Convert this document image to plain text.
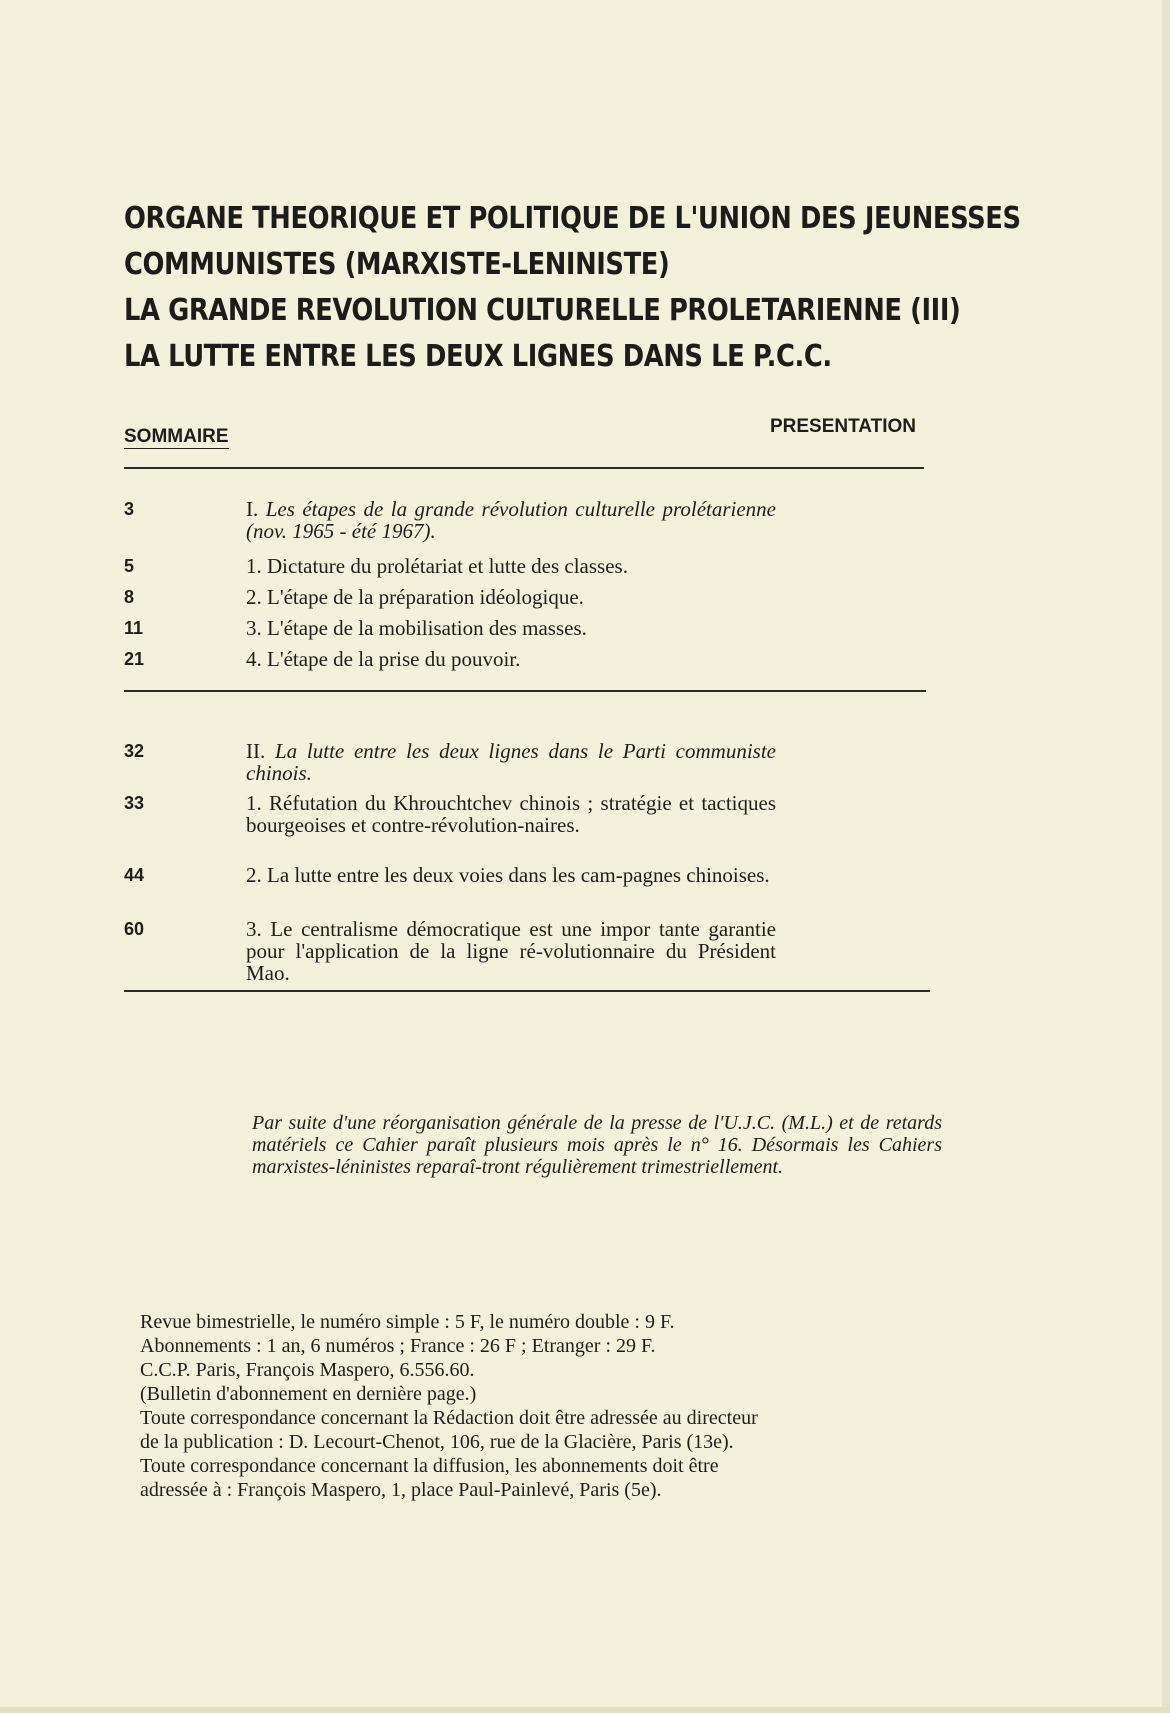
ORGANE THEORIQUE ET POLITIQUE DE L'UNION DES JEUNESSES
COMMUNISTES (MARXISTE-LENINISTE)
LA GRANDE REVOLUTION CULTURELLE PROLETARIENNE (III)
LA LUTTE ENTRE LES DEUX LIGNES DANS LE P.C.C.
SOMMAIRE	PRESENTATION
3	I. Les étapes de la grande révolution culturelle prolétarienne (nov. 1965 - été 1967).
5	1. Dictature du prolétariat et lutte des classes.
8	2. L'étape de la préparation idéologique.
11	3. L'étape de la mobilisation des masses.
21	4. L'étape de la prise du pouvoir.
32	II. La lutte entre les deux lignes dans le Parti communiste chinois.
33	1. Réfutation du Khrouchtchev chinois ; stratégie et tactiques bourgeoises et contre-révolution-naires.
44	2. La lutte entre les deux voies dans les cam-pagnes chinoises.
60	3. Le centralisme démocratique est une impor tante garantie pour l'application de la ligne ré-volutionnaire du Président Mao.
Par suite d'une réorganisation générale de la presse de l'U.J.C. (M.L.) et de retards matériels ce Cahier paraît plusieurs mois après le n° 16. Désormais les Cahiers marxistes-léninistes reparaî-tront régulièrement trimestriellement.
Revue bimestrielle, le numéro simple : 5 F, le numéro double : 9 F.
Abonnements : 1 an, 6 numéros ; France : 26 F ; Etranger : 29 F.
C.C.P. Paris, François Maspero, 6.556.60.
(Bulletin d'abonnement en dernière page.)
Toute correspondance concernant la Rédaction doit être adressée au directeur
de la publication : D. Lecourt-Chenot, 106, rue de la Glacière, Paris (13e).
Toute correspondance concernant la diffusion, les abonnements doit être
adressée à : François Maspero, 1, place Paul-Painlevé, Paris (5e).
